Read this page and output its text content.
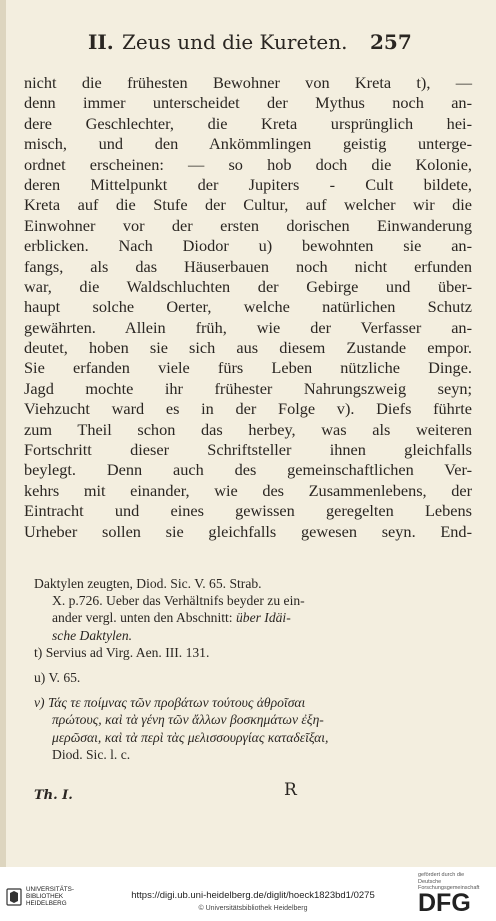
II. Zeus und die Kureten. 257
nicht die frühesten Bewohner von Kreta t), —
denn immer unterscheidet der Mythus noch an-
dere Geschlechter, die Kreta ursprünglich hei-
misch, und den Ankömmlingen geistig unterge-
ordnet erscheinen: — so hob doch die Kolonie,
deren Mittelpunkt der Jupiters - Cult bildete,
Kreta auf die Stufe der Cultur, auf welcher wir die
Einwohner vor der ersten dorischen Einwanderung
erblicken. Nach Diodor u) bewohnten sie an-
fangs, als das Häuserbauen noch nicht erfunden
war, die Waldschluchten der Gebirge und über-
haupt solche Oerter, welche natürlichen Schutz
gewährten. Allein früh, wie der Verfasser an-
deutet, hoben sie sich aus diesem Zustande empor.
Sie erfanden viele fürs Leben nützliche Dinge.
Jagd mochte ihr frühester Nahrungszweig seyn;
Viehzucht ward es in der Folge v). Diefs führte
zum Theil schon das herbey, was als weiteren
Fortschritt dieser Schriftsteller ihnen gleichfalls
beylegt. Denn auch des gemeinschaftlichen Ver-
kehrs mit einander, wie des Zusammenlebens, der
Eintracht und eines gewissen geregelten Lebens
Urheber sollen sie gleichfalls gewesen seyn. End-
Daktylen zeugten, Diod. Sic. V. 65. Strab.
X. p.726. Ueber das Verhältnifs beyder zu ein-
ander vergl. unten den Abschnitt: über Idäi-
sche Daktylen.
t) Servius ad Virg. Aen. III. 131.
u) V. 65.
v) Τάς τε ποίμνας τῶν προβάτων τούτους ἀθροῖσαι
πρώτους, καὶ τὰ γένη τῶν ἄλλων βοσκημάτων ἐξη-
μερῶσαι, καὶ τὰ περὶ τὰς μελισσουργίας καταδεῖξαι,
Diod. Sic. l. c.
Th. I.	R
UNIVERSITÄTS-
BIBLIOTHEK
HEIDELBERG
https://digi.ub.uni-heidelberg.de/diglit/hoeck1823bd1/0275
© Universitätsbibliothek Heidelberg
gefördert durch die
Deutsche
Forschungsgemeinschaft
DFG
